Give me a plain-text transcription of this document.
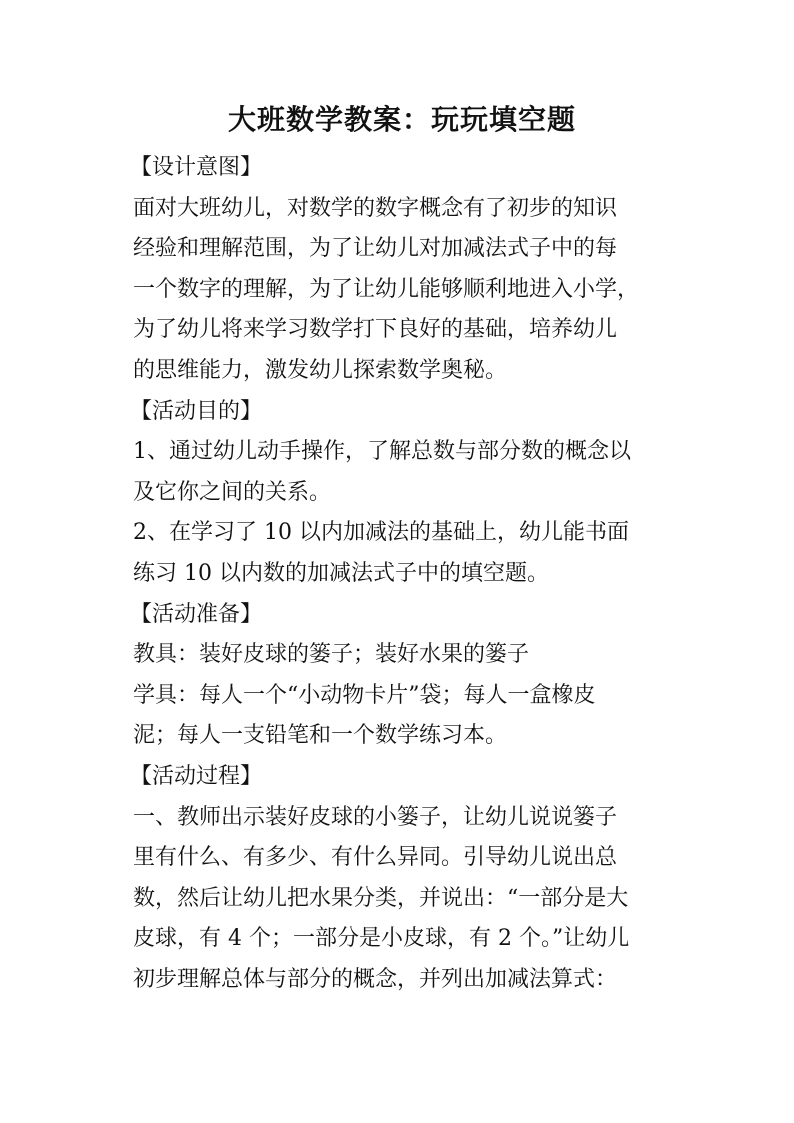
大班数学教案：玩玩填空题
【设计意图】
面对大班幼儿，对数学的数字概念有了初步的知识
经验和理解范围，为了让幼儿对加减法式子中的每
一个数字的理解，为了让幼儿能够顺利地进入小学，
为了幼儿将来学习数学打下良好的基础，培养幼儿
的思维能力，激发幼儿探索数学奥秘。
【活动目的】
1、通过幼儿动手操作，了解总数与部分数的概念以
及它你之间的关系。
2、在学习了 10 以内加减法的基础上，幼儿能书面
练习 10 以内数的加减法式子中的填空题。
【活动准备】
教具：装好皮球的篓子；装好水果的篓子
学具：每人一个“小动物卡片”袋；每人一盒橡皮
泥；每人一支铅笔和一个数学练习本。
【活动过程】
一、教师出示装好皮球的小篓子，让幼儿说说篓子
里有什么、有多少、有什么异同。引导幼儿说出总
数，然后让幼儿把水果分类，并说出：“一部分是大
皮球，有 4 个；一部分是小皮球，有 2 个。”让幼儿
初步理解总体与部分的概念，并列出加减法算式：
